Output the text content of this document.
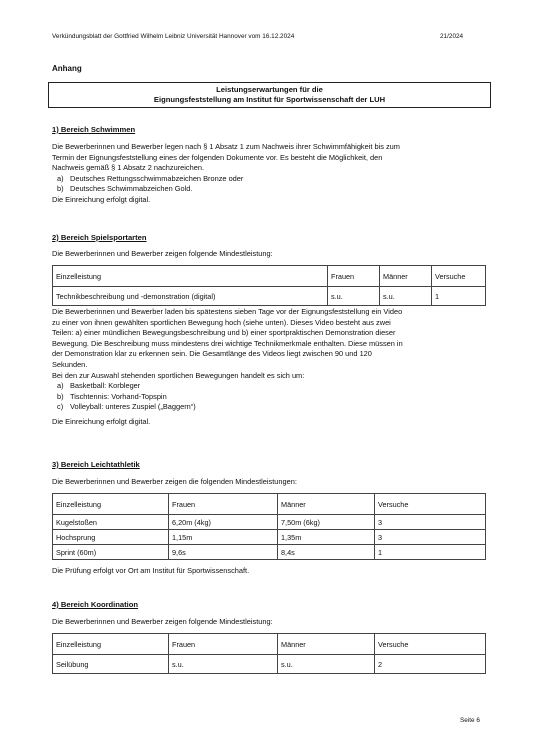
Verkündungsblatt der Gottfried Wilhelm Leibniz Universität Hannover vom 16.12.2024	21/2024
Anhang
Leistungserwartungen für die
Eignungsfeststellung am Institut für Sportwissenschaft der LUH
1) Bereich Schwimmen
Die Bewerberinnen und Bewerber legen nach § 1 Absatz 1 zum Nachweis ihrer Schwimmfähigkeit bis zum
Termin der Eignungsfeststellung eines der folgenden Dokumente vor. Es besteht die Möglichkeit, den
Nachweis gemäß § 1 Absatz 2 nachzureichen.
a) Deutsches Rettungsschwimmabzeichen Bronze oder
b) Deutsches Schwimmabzeichen Gold.
Die Einreichung erfolgt digital.
2) Bereich Spielsportarten
Die Bewerberinnen und Bewerber zeigen folgende Mindestleistung:
Einzelleistung	Frauen	Männer	Versuche
Technikbeschreibung und -demonstration (digital)	s.u.	s.u.	1
Die Bewerberinnen und Bewerber laden bis spätestens sieben Tage vor der Eignungsfeststellung ein Video
zu einer von ihnen gewählten sportlichen Bewegung hoch (siehe unten). Dieses Video besteht aus zwei
Teilen: a) einer mündlichen Bewegungsbeschreibung und b) einer sportpraktischen Demonstration dieser
Bewegung. Die Beschreibung muss mindestens drei wichtige Technikmerkmale enthalten. Diese müssen in
der Demonstration klar zu erkennen sein. Die Gesamtlänge des Videos liegt zwischen 90 und 120
Sekunden.
Bei den zur Auswahl stehenden sportlichen Bewegungen handelt es sich um:
a) Basketball: Korbleger
b) Tischtennis: Vorhand-Topspin
c) Volleyball: unteres Zuspiel („Baggern“)
Die Einreichung erfolgt digital.
3) Bereich Leichtathletik
Die Bewerberinnen und Bewerber zeigen die folgenden Mindestleistungen:
Einzelleistung	Frauen	Männer	Versuche
Kugelstoßen	6,20m (4kg)	7,50m (6kg)	3
Hochsprung	1,15m	1,35m	3
Sprint (60m)	9,6s	8,4s	1
Die Prüfung erfolgt vor Ort am Institut für Sportwissenschaft.
4) Bereich Koordination
Die Bewerberinnen und Bewerber zeigen folgende Mindestleistung:
Einzelleistung	Frauen	Männer	Versuche
Seilübung	s.u.	s.u.	2
Seite 6
